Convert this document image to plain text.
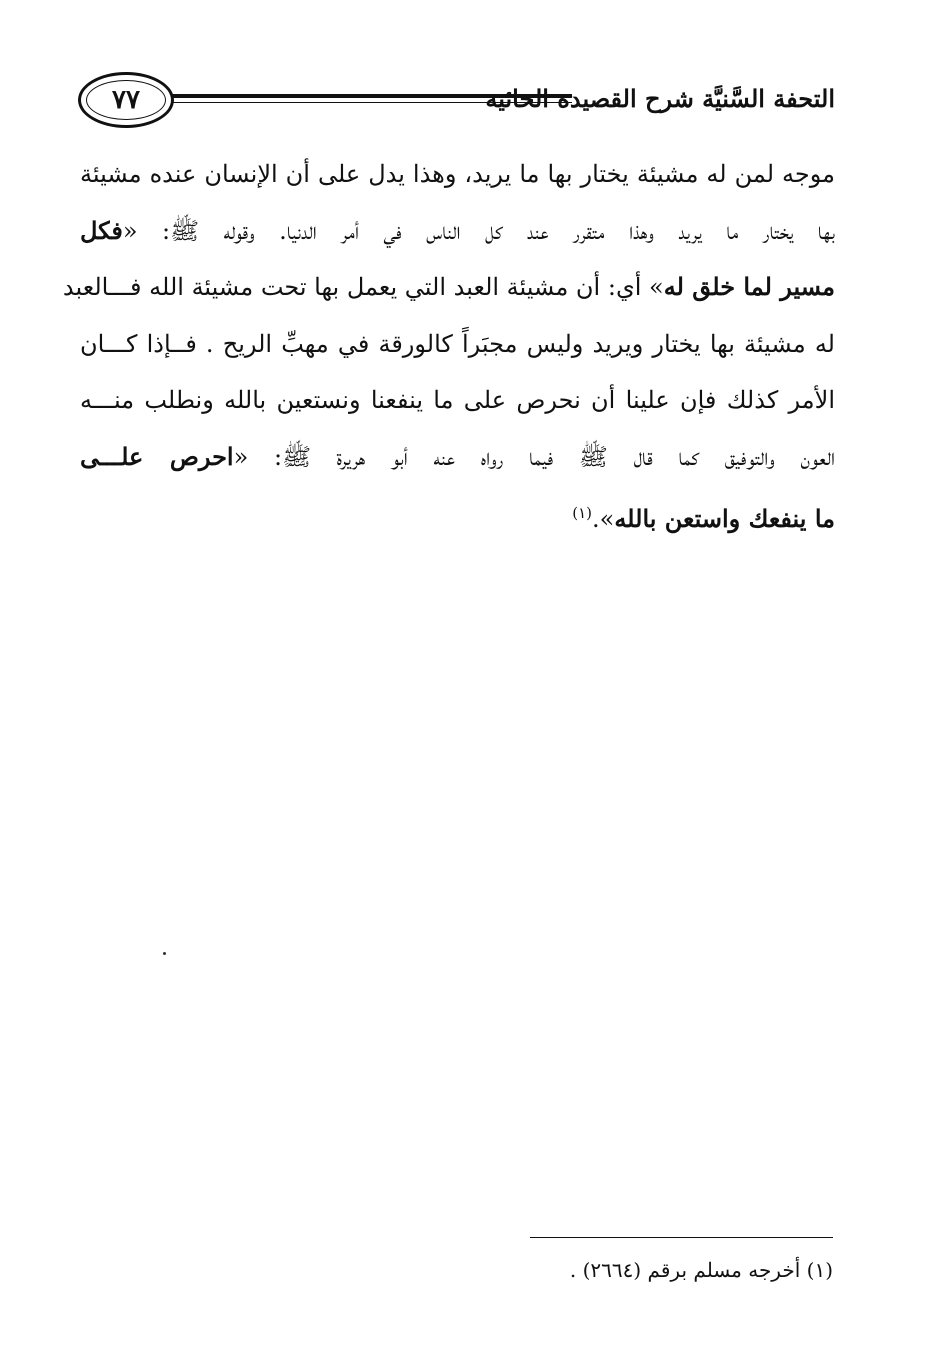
٧٧	التحفة السَّنيَّة شرح القصيدة الحائية
موجه لمن له مشيئة يختار بها ما يريد، وهذا يدل على أن الإنسان عنده مشيئة
بها يختار ما يريد وهذا متقرر عند كل الناس في أمر الدنيا. وقوله ﷺ: «فكل
مسير لما خلق له» أي: أن مشيئة العبد التي يعمل بها تحت مشيئة الله فـــالعبد
له مشيئة بها يختار ويريد وليس مجبَراً كالورقة في مهبِّ الريح . فــإذا كـــان
الأمر كذلك فإن علينا أن نحرص على ما ينفعنا ونستعين بالله ونطلب منـــه
العون والتوفيق كما قال ﷺ فيما رواه عنه أبو هريرة ﷺ: «احرص علـــى
ما ينفعك واستعن بالله».$^{(١)}$
(١) أخرجه مسلم برقم (٢٦٦٤) .
